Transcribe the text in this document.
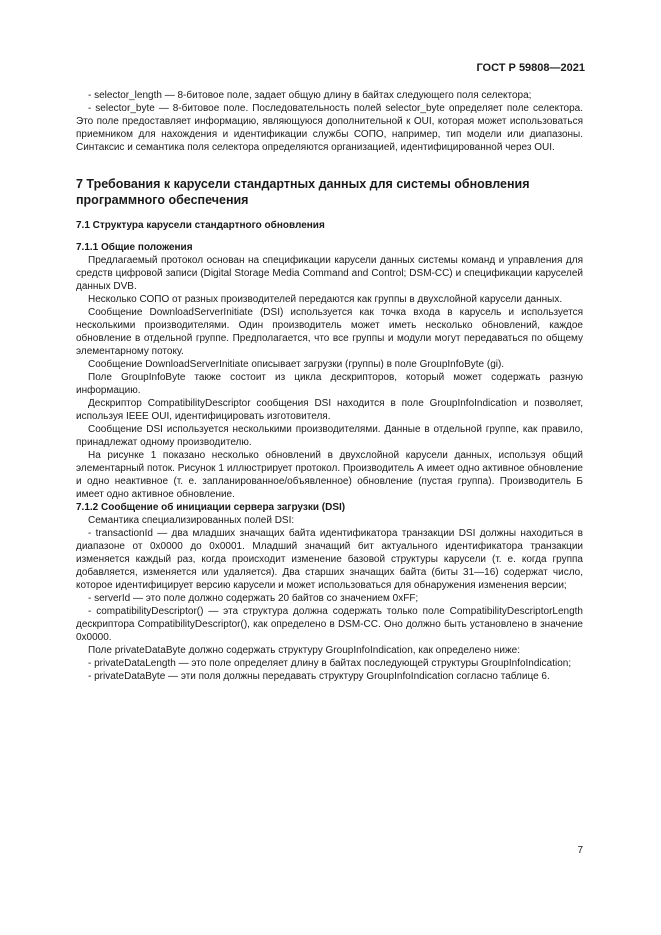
ГОСТ Р 59808—2021

- selector_length — 8-битовое поле, задает общую длину в байтах следующего поля селектора;

- selector_byte — 8-битовое поле. Последовательность полей selector_byte определяет поле селектора. Это поле предоставляет информацию, являющуюся дополнительной к OUI, которая может использоваться приемником для нахождения и идентификации службы СОПО, например, тип модели или диапазоны. Синтаксис и семантика поля селектора определяются организацией, идентифицированной через OUI.

7 Требования к карусели стандартных данных для системы обновления программного обеспечения

7.1 Структура карусели стандартного обновления

7.1.1 Общие положения

Предлагаемый протокол основан на спецификации карусели данных системы команд и управления для средств цифровой записи (Digital Storage Media Command and Control; DSM-CC) и спецификации каруселей данных DVB.

Несколько СОПО от разных производителей передаются как группы в двухслойной карусели данных.

Сообщение DownloadServerInitiate (DSI) используется как точка входа в карусель и используется несколькими производителями. Один производитель может иметь несколько обновлений, каждое обновление в отдельной группе. Предполагается, что все группы и модули могут передаваться по общему элементарному потоку.

Сообщение DownloadServerInitiate описывает загрузки (группы) в поле GroupInfoByte (gi).

Поле GroupInfoByte также состоит из цикла дескрипторов, который может содержать разную информацию.

Дескриптор CompatibilityDescriptor сообщения DSI находится в поле GroupInfoIndication и позволяет, используя IEEE OUI, идентифицировать изготовителя.

Сообщение DSI используется несколькими производителями. Данные в отдельной группе, как правило, принадлежат одному производителю.

На рисунке 1 показано несколько обновлений в двухслойной карусели данных, используя общий элементарный поток. Рисунок 1 иллюстрирует протокол. Производитель А имеет одно активное обновление и одно неактивное (т. е. запланированное/объявленное) обновление (пустая группа). Производитель Б имеет одно активное обновление.

7.1.2 Сообщение об инициации сервера загрузки (DSI)

Семантика специализированных полей DSI:

- transactionId — два младших значащих байта идентификатора транзакции DSI должны находиться в диапазоне от 0x0000 до 0x0001. Младший значащий бит актуального идентификатора транзакции изменяется каждый раз, когда происходит изменение базовой структуры карусели (т. е. когда группа добавляется, изменяется или удаляется). Два старших значащих байта (биты 31—16) содержат число, которое идентифицирует версию карусели и может использоваться для обнаружения изменения версии;

- serverId — это поле должно содержать 20 байтов со значением 0xFF;

- compatibilityDescriptor() — эта структура должна содержать только поле CompatibilityDescriptorLength дескриптора CompatibilityDescriptor(), как определено в DSM-CC. Оно должно быть установлено в значение 0x0000.

Поле privateDataByte должно содержать структуру GroupInfoIndication, как определено ниже:

- privateDataLength — это поле определяет длину в байтах последующей структуры GroupInfoIndication;

- privateDataByte — эти поля должны передавать структуру GroupInfoIndication согласно таблице 6.

7
